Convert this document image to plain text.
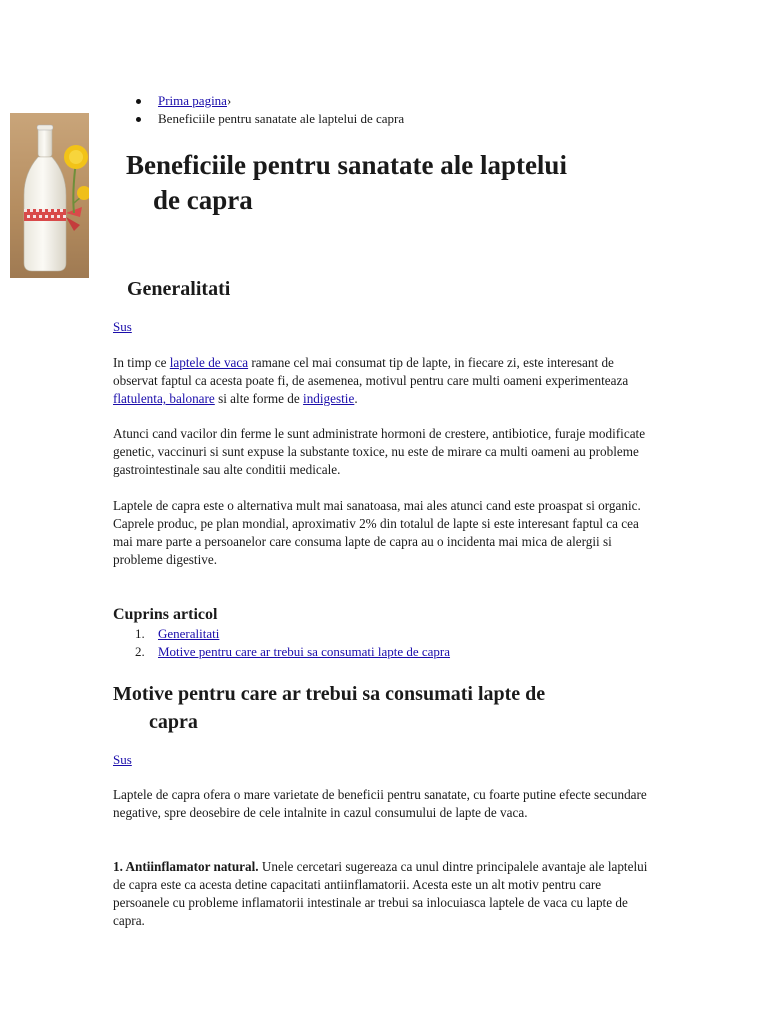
Prima pagina›
Beneficiile pentru sanatate ale laptelui de capra
Beneficiile pentru sanatate ale laptelui
de capra
Generalitati
Sus

In timp ce laptele de vaca ramane cel mai consumat tip de lapte, in fiecare zi, este interesant de observat faptul ca acesta poate fi, de asemenea, motivul pentru care multi oameni experimenteaza flatulenta, balonare si alte forme de indigestie.

Atunci cand vacilor din ferme le sunt administrate hormoni de crestere, antibiotice, furaje modificate genetic, vaccinuri si sunt expuse la substante toxice, nu este de mirare ca multi oameni au probleme gastrointestinale sau alte conditii medicale.

Laptele de capra este o alternativa mult mai sanatoasa, mai ales atunci cand este proaspat si organic. Caprele produc, pe plan mondial, aproximativ 2% din totalul de lapte si este interesant faptul ca cea mai mare parte a persoanelor care consuma lapte de capra au o incidenta mai mica de alergii si probleme digestive.

Cuprins articol
1. Generalitati
2. Motive pentru care ar trebui sa consumati lapte de capra
Motive pentru care ar trebui sa consumati lapte de
capra
Sus

Laptele de capra ofera o mare varietate de beneficii pentru sanatate, cu foarte putine efecte secundare negative, spre deosebire de cele intalnite in cazul consumului de lapte de vaca.

1. Antiinflamator natural. Unele cercetari sugereaza ca unul dintre principalele avantaje ale laptelui de capra este ca acesta detine capacitati antiinflamatorii. Acesta este un alt motiv pentru care persoanele cu probleme inflamatorii intestinale ar trebui sa inlocuiasca laptele de vaca cu lapte de capra.
